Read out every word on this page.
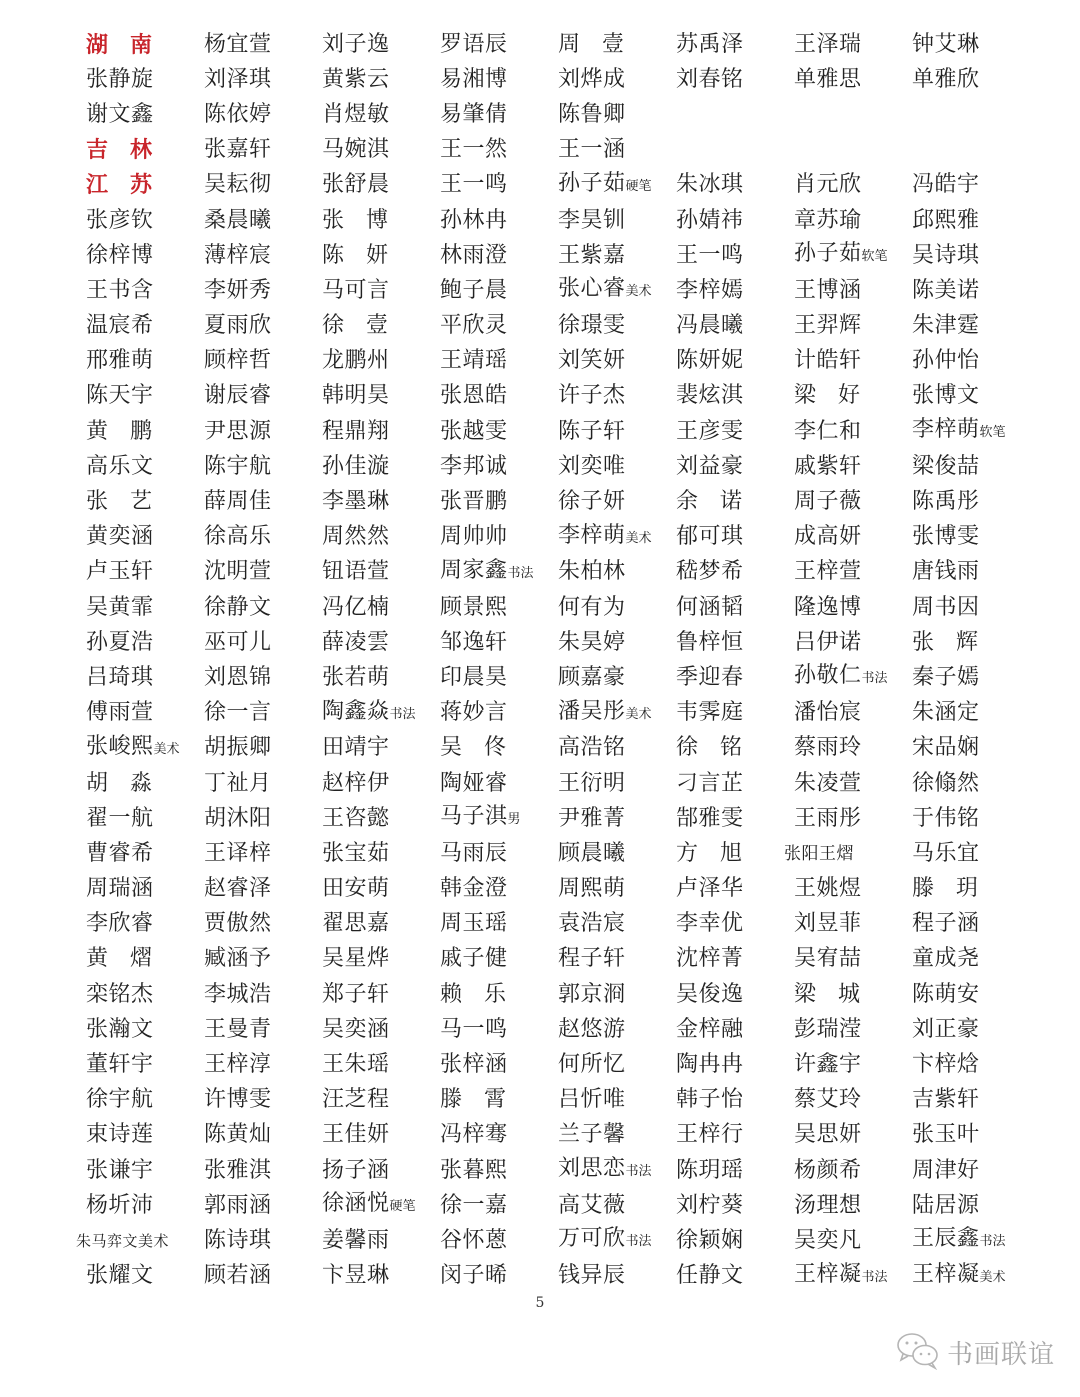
湖 南	杨宜萱	刘子逸	罗语辰	周 壹	苏禹泽	王泽瑞	钟艾琳
张静旋	刘泽琪	黄紫云	易湘博	刘烨成	刘春铭	单雅思	单雅欣
谢文鑫	陈依婷	肖煜敏	易肇倩	陈鲁卿
吉 林	张嘉轩	马婉淇	王一然	王一涵
江 苏	吴耘彻	张舒晨	王一鸣	孙子茹硬笔	朱冰琪	肖元欣	冯皓宇
张彦钦	桑晨曦	张 博	孙林冉	李昊钏	孙婧祎	章苏瑜	邱熙雅
徐梓博	薄梓宸	陈 妍	林雨澄	王紫嘉	王一鸣	孙子茹软笔	吴诗琪
王书含	李妍秀	马可言	鲍子晨	张心睿美术	李梓嫣	王博涵	陈美诺
温宸希	夏雨欣	徐 壹	平欣灵	徐璟雯	冯晨曦	王羿辉	朱津霆
邢雅萌	顾梓哲	龙鹏州	王靖瑶	刘笑妍	陈妍妮	计皓轩	孙仲怡
陈天宇	谢辰睿	韩明昊	张恩皓	许子杰	裴炫淇	梁 好	张博文
黄 鹏	尹思源	程鼎翔	张越雯	陈子轩	王彦雯	李仁和	李梓萌软笔
高乐文	陈宇航	孙佳漩	李邦诚	刘奕唯	刘益豪	戚紫轩	梁俊喆
张 艺	薛周佳	李墨琳	张晋鹏	徐子妍	余 诺	周子薇	陈禹彤
黄奕涵	徐高乐	周然然	周帅帅	李梓萌美术	郁可琪	成高妍	张博雯
卢玉轩	沈明萱	钮语萱	周家鑫书法	朱柏林	嵇梦希	王梓萱	唐钱雨
吴黄霏	徐静文	冯亿楠	顾景熙	何有为	何涵韬	隆逸博	周书因
孙夏浩	巫可儿	薛凌雲	邹逸轩	朱昊婷	鲁梓恒	吕伊诺	张 辉
吕琦琪	刘恩锦	张若萌	印晨昊	顾嘉豪	季迎春	孙敬仁书法	秦子嫣
傅雨萱	徐一言	陶鑫焱书法	蒋妙言	潘吴彤美术	韦霁庭	潘怡宸	朱涵定
张峻熙美术	胡振卿	田靖宇	吴 佟	高浩铭	徐 铭	蔡雨玲	宋品娴
胡 淼	丁祉月	赵梓伊	陶娅睿	王衍明	刁言芷	朱凌萱	徐翛然
翟一航	胡沐阳	王咨懿	马子淇男	尹雅菁	郜雅雯	王雨彤	于伟铭
曹睿希	王译梓	张宝茹	马雨辰	顾晨曦	方 旭	张阳王熠	马乐宜
周瑞涵	赵睿泽	田安萌	韩金澄	周熙萌	卢泽华	王姚煜	滕 玥
李欣睿	贾傲然	翟思嘉	周玉瑶	袁浩宸	李幸优	刘昱菲	程子涵
黄 熠	臧涵予	吴星烨	戚子健	程子轩	沈梓菁	吴宥喆	童成尧
栾铭杰	李城浩	郑子轩	赖 乐	郭京浻	吴俊逸	梁 城	陈萌安
张瀚文	王曼青	吴奕涵	马一鸣	赵悠游	金梓融	彭瑞滢	刘正豪
董轩宇	王梓淳	王朱瑶	张梓涵	何所忆	陶冉冉	许鑫宇	卞梓焓
徐宇航	许博雯	汪芝程	滕 霄	吕忻唯	韩子怡	蔡艾玲	吉紫轩
束诗莲	陈黄灿	王佳妍	冯梓骞	兰子馨	王梓行	吴思妍	张玉叶
张谦宇	张雅淇	扬子涵	张暮熙	刘思恋书法	陈玥瑶	杨颜希	周津好
杨圻沛	郭雨涵	徐涵悦硬笔	徐一嘉	高艾薇	刘柠葵	汤理想	陆居源
朱马弈文美术	陈诗琪	姜馨雨	谷怀蒽	万可欣书法	徐颖娴	吴奕凡	王辰鑫书法
张耀文	顾若涵	卞昱琳	闵子晞	钱异辰	任静文	王梓凝书法	王梓凝美术
5
书画联谊
